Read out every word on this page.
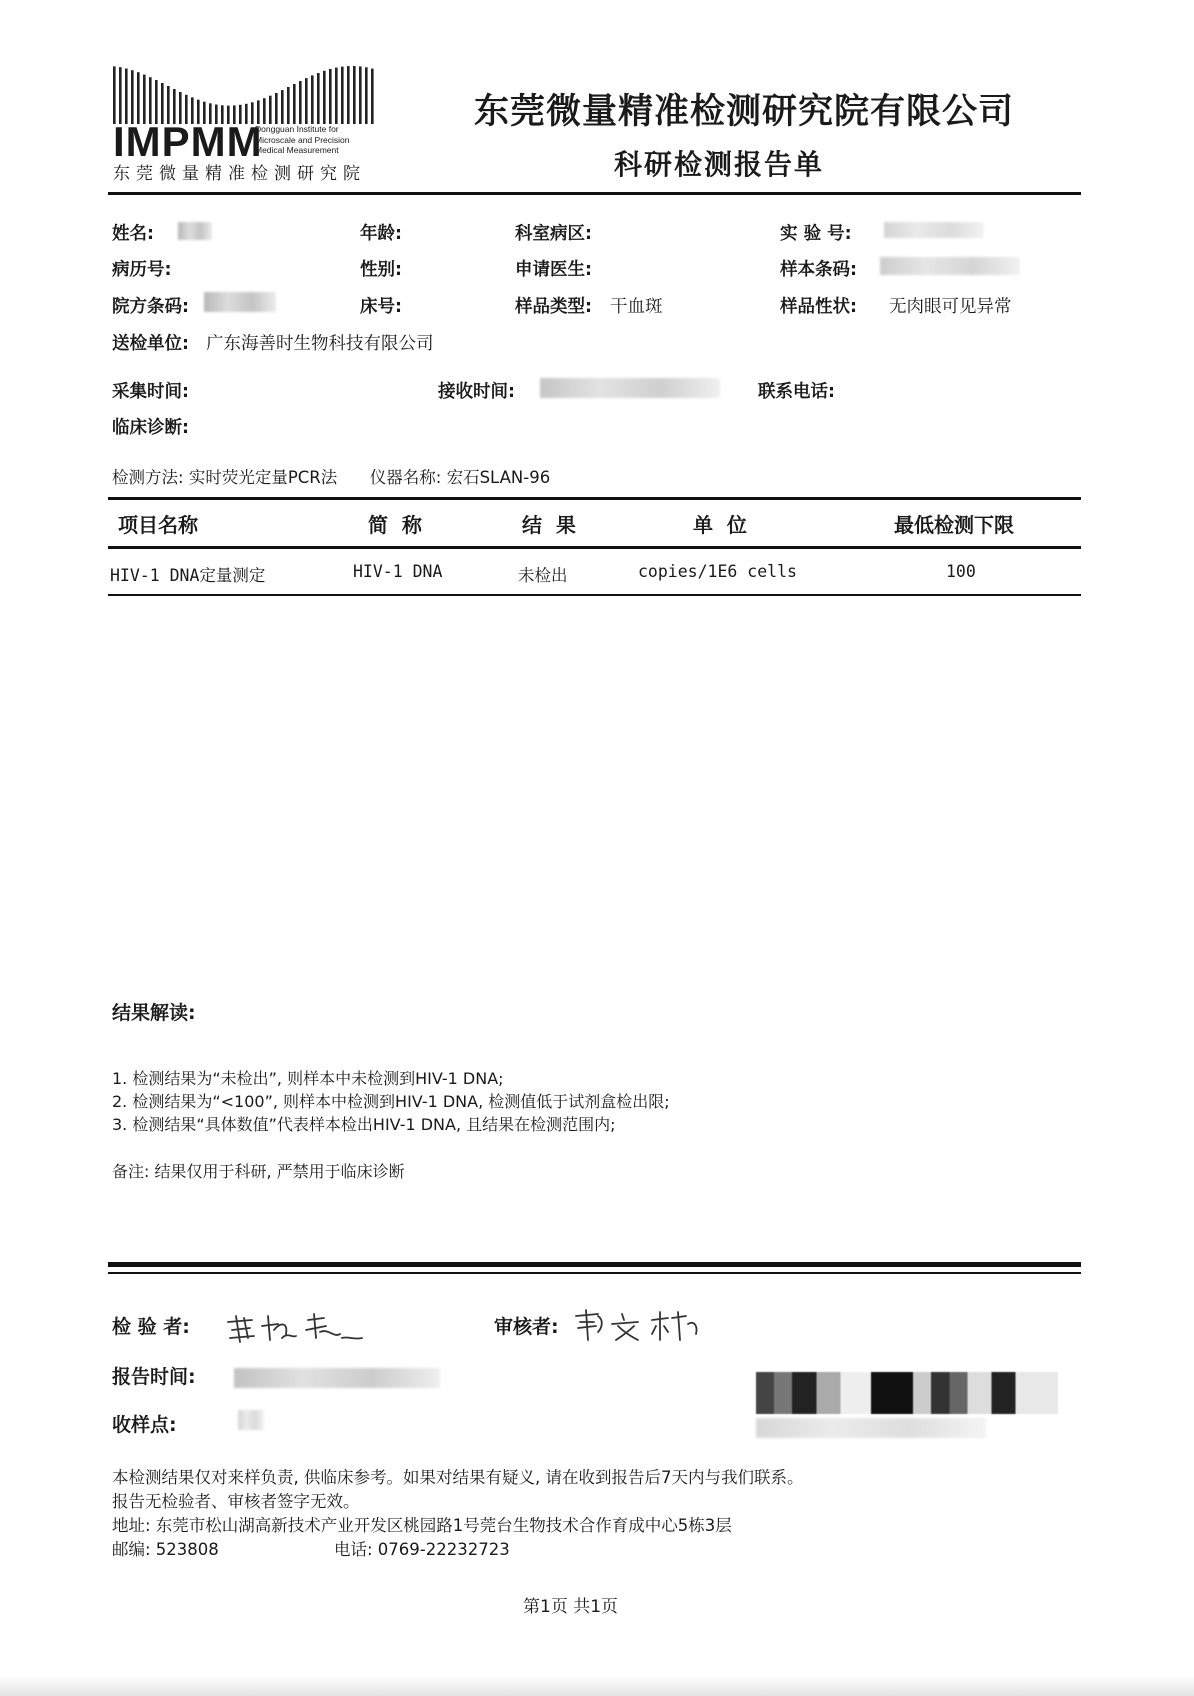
IMPMM
Dongguan Institute for
Microscale and Precision
Medical Measurement
东莞微量精准检测研究院
东莞微量精准检测研究院有限公司
科研检测报告单
姓名:	年龄:	科室病区:	实 验 号:
病历号:	性别:	申请医生:	样本条码:
院方条码:	床号:	样品类型: 干血斑	样品性状: 无肉眼可见异常
送检单位: 广东海善时生物科技有限公司
采集时间:	接收时间:	联系电话:
临床诊断:
检测方法: 实时荧光定量PCR法 仪器名称: 宏石SLAN-96
项目名称	简  称	结  果	单  位	最低检测下限
HIV-1 DNA定量测定	HIV-1 DNA	未检出	copies/1E6 cells	100
结果解读:
1. 检测结果为“未检出”, 则样本中未检测到HIV-1 DNA;
2. 检测结果为“<100”, 则样本中检测到HIV-1 DNA, 检测值低于试剂盒检出限;
3. 检测结果“具体数值”代表样本检出HIV-1 DNA, 且结果在检测范围内;
备注: 结果仅用于科研, 严禁用于临床诊断
检 验 者:	审核者:
报告时间:
收样点:
本检测结果仅对来样负责, 供临床参考。如果对结果有疑义, 请在收到报告后7天内与我们联系。
报告无检验者、审核者签字无效。
地址: 东莞市松山湖高新技术产业开发区桃园路1号莞台生物技术合作育成中心5栋3层
邮编: 523808	电话: 0769-22232723
第1页 共1页
